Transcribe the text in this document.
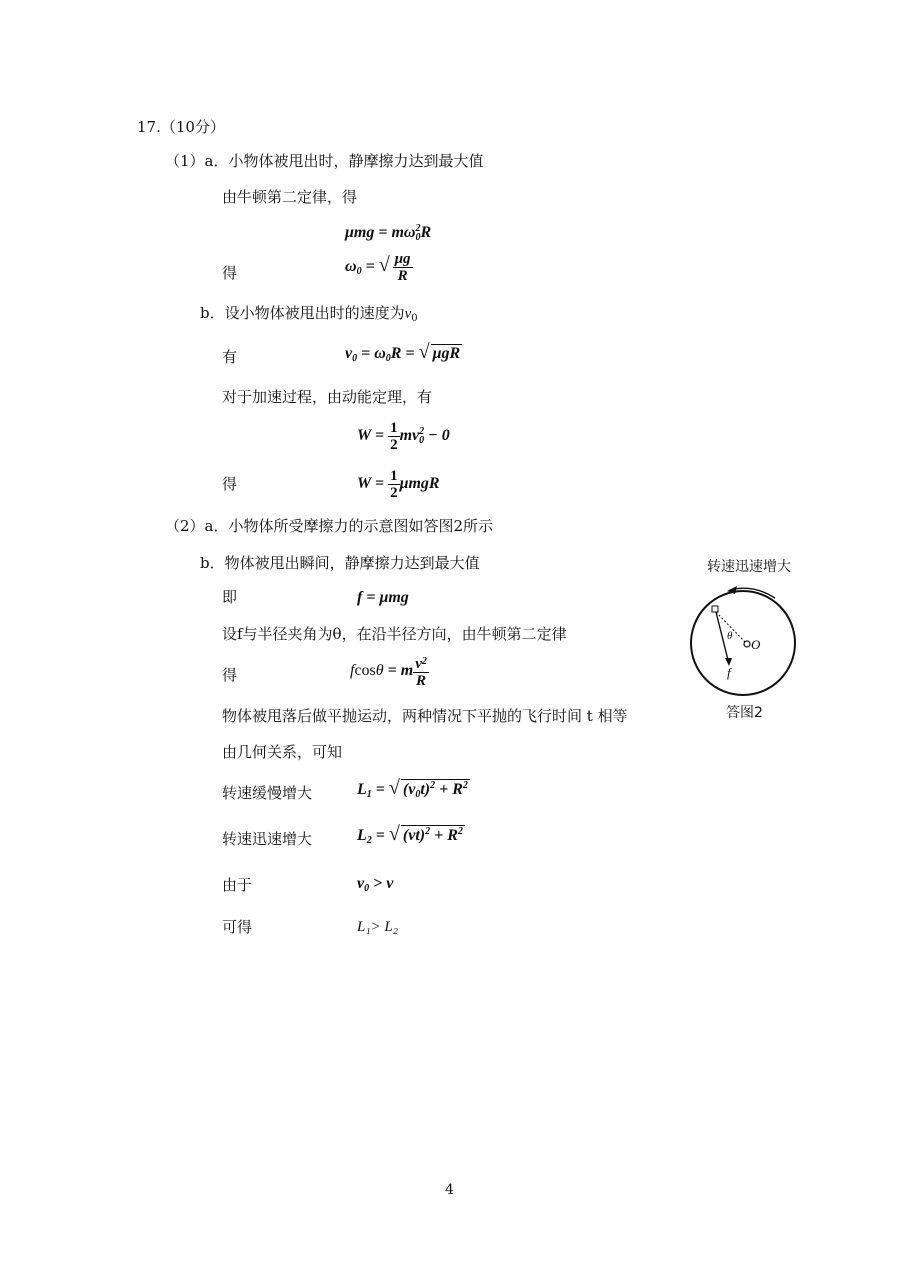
17.（10分）
（1）a．小物体被甩出时，静摩擦力达到最大值
由牛顿第二定律，得
$\mu mg = m\omega_0^2R$
得	$\omega_0$ = √ $\frac{\mu g}{R}$
b．设小物体被甩出时的速度为$v_0$
有	$v_0 = \omega_0R$ = √ μgR
对于加速过程，由动能定理，有
$W = \frac{1}{2} mv_0^2 - 0$
得	$W = \frac{1}{2}$ μmgR
（2）a．小物体所受摩擦力的示意图如答图2所示
b．物体被甩出瞬间，静摩擦力达到最大值
即	f = μmg
设f与半径夹角为θ，在沿半径方向，由牛顿第二定律
得	fcosθ = m $\frac{v^2}{R}$
物体被甩落后做平抛运动，两种情况下平抛的飞行时间 t 相等
由几何关系，可知
转速缓慢增大	$L_1$ = √ $(v_0t)^2 + R^2$
转速迅速增大	$L_2$ = √ $(vt)^2 + R^2$
由于	$v_0 > v$
可得	L₁> L₂
转速迅速增大
θ
O
f
答图2
4
